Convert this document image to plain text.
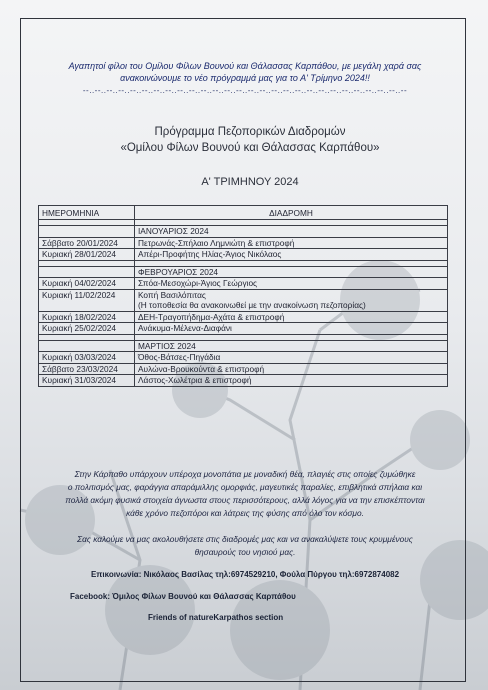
Αγαπητοί φίλοι του Ομίλου Φίλων Βουνού και Θάλασσας Καρπάθου, με μεγάλη χαρά σας
ανακοινώνουμε το νέο πρόγραμμά μας για το Α' Τρίμηνο 2024!!
--..--..--..--..--..--..--..--..--..--..--..--..--..--..--..--..--..--..--..--..--..--..--..--..--..--..--..--
Πρόγραμμα Πεζοπορικών Διαδρομών
«Ομίλου Φίλων Βουνού και Θάλασσας Καρπάθου»
Α' ΤΡΙΜΗΝΟΥ 2024
ΗΜΕΡΟΜΗΝΙΑ	ΔΙΑΔΡΟΜΗ

	ΙΑΝΟΥΑΡΙΟΣ 2024
Σάββατο 20/01/2024	Πετρωνάς-Σπήλαιο Λημνιώτη & επιστροφή
Κυριακή 28/01/2024	Απέρι-Προφήτης Ηλίας-Άγιος Νικόλαος

	ΦΕΒΡΟΥΑΡΙΟΣ 2024
Κυριακή 04/02/2024	Σπόα-Μεσοχώρι-Άγιος Γεώργιος
Κυριακή 11/02/2024	Κοπή Βασιλόπιτας
(Η τοποθεσία θα ανακοινωθεί με την ανακοίνωση πεζοπορίας)

Κυριακή 18/02/2024	ΔΕΗ-Τραγοπήδημα-Αχάτα & επιστροφή
Κυριακή 25/02/2024	Ανάκυμα-Μέλενα-Διαφάνι

	ΜΑΡΤΙΟΣ 2024
Κυριακή 03/03/2024	Όθος-Βάτσες-Πηγάδια
Σάββατο 23/03/2024	Αυλώνα-Βρουκούντα & επιστροφή
Κυριακή 31/03/2024	Λάστος-Χωλέτρια & επιστροφή
Στην Κάρπαθο υπάρχουν υπέροχα μονοπάτια με μοναδική θέα, πλαγιές στις οποίες ζυμώθηκε
ο πολιτισμός μας, φαράγγια απαράμιλλης ομορφιάς, μαγευτικές παραλίες, επιβλητικά σπήλαια και
πολλά ακόμη φυσικά στοιχεία άγνωστα στους περισσότερους, αλλά λόγος για να την επισκέπτονται
κάθε χρόνο πεζοπόροι και λάτρεις της φύσης από όλο τον κόσμο.
Σας καλούμε να μας ακολουθήσετε στις διαδρομές μας και να ανακαλύψετε τους κρυμμένους
θησαυρούς του νησιού μας.
Επικοινωνία: Νικόλαος Βασίλας τηλ:6974529210, Φούλα Πύργου τηλ:6972874082
Facebook: Όμιλος Φίλων Βουνού και Θάλασσας Καρπάθου
Friends of natureKarpathos section
